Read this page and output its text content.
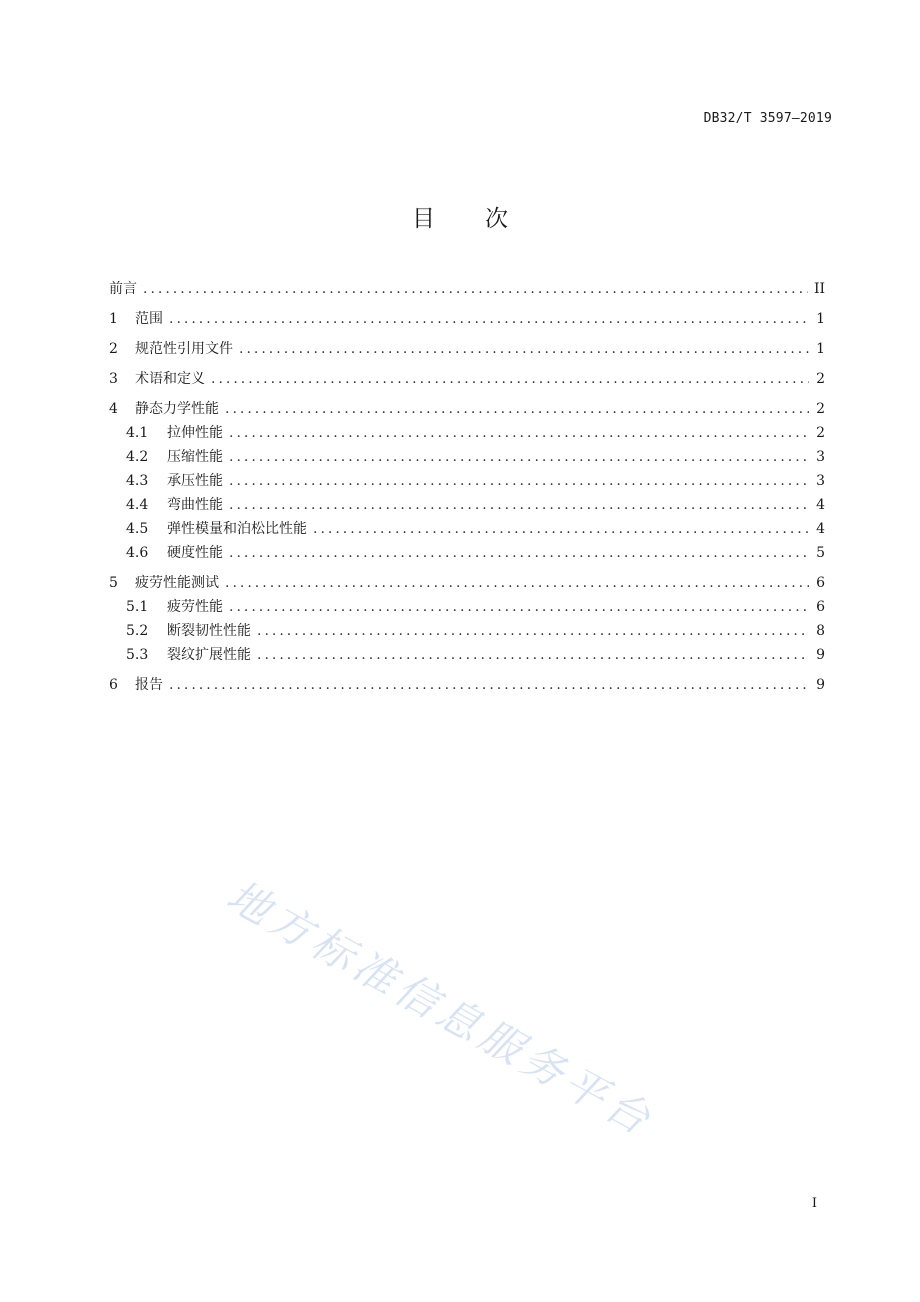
DB32/T 3597—2019
目 次
前言 .....	II
1	范围 .....	1
2	规范性引用文件 .....	1
3	术语和定义 .....	2
4	静态力学性能 .....	2
4.1	拉伸性能 .....	2
4.2	压缩性能 .....	3
4.3	承压性能 .....	3
4.4	弯曲性能 .....	4
4.5	弹性模量和泊松比性能 .....	4
4.6	硬度性能 .....	5
5	疲劳性能测试 .....	6
5.1	疲劳性能 .....	6
5.2	断裂韧性性能 .....	8
5.3	裂纹扩展性能 .....	9
6	报告 .....	9
地方标准信息服务平台
I
